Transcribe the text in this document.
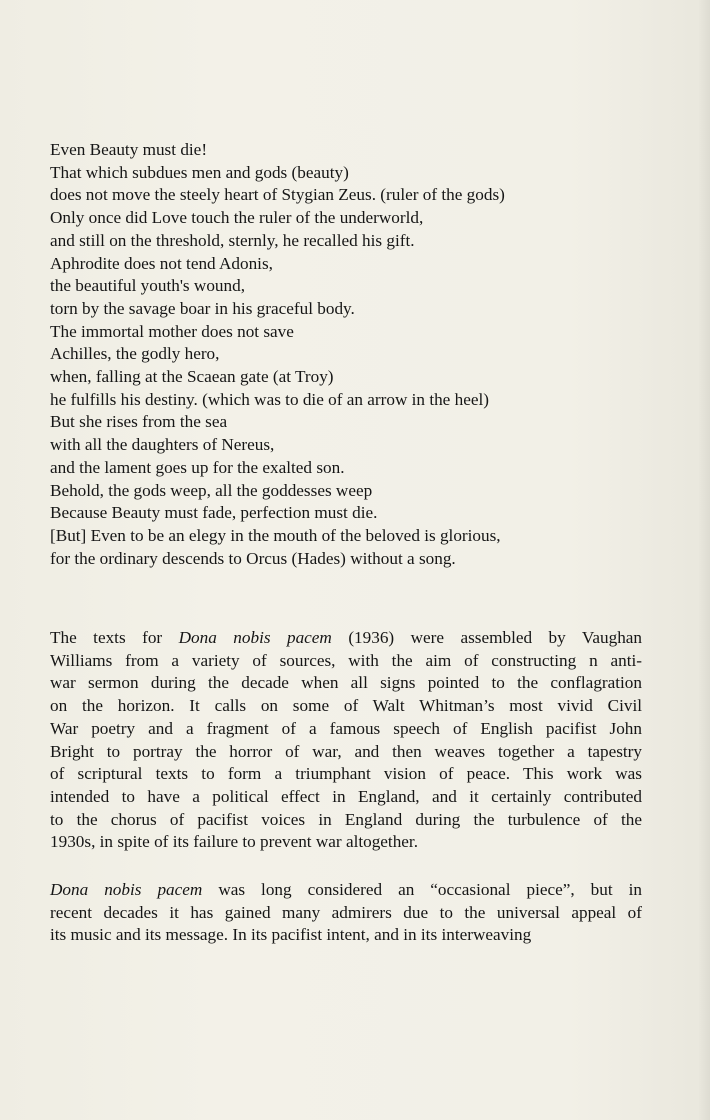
Even Beauty must die!
That which subdues men and gods (beauty)
does not move the steely heart of Stygian Zeus. (ruler of the gods)
Only once did Love touch the ruler of the underworld,
and still on the threshold, sternly, he recalled his gift.
Aphrodite does not tend Adonis,
the beautiful youth's wound,
torn by the savage boar in his graceful body.
The immortal mother does not save
Achilles, the godly hero,
when, falling at the Scaean gate (at Troy)
he fulfills his destiny. (which was to die of an arrow in the heel)
But she rises from the sea
with all the daughters of Nereus,
and the lament goes up for the exalted son.
Behold, the gods weep, all the goddesses weep
Because Beauty must fade, perfection must die.
[But] Even to be an elegy in the mouth of the beloved is glorious,
for the ordinary descends to Orcus (Hades) without a song.
The texts for Dona nobis pacem (1936) were assembled by Vaughan
Williams from a variety of sources, with the aim of constructing n anti-
war sermon during the decade when all signs pointed to the conflagration
on the horizon. It calls on some of Walt Whitman’s most vivid Civil
War poetry and a fragment of a famous speech of English pacifist John
Bright to portray the horror of war, and then weaves together a tapestry
of scriptural texts to form a triumphant vision of peace. This work was
intended to have a political effect in England, and it certainly contributed
to the chorus of pacifist voices in England during the turbulence of the
1930s, in spite of its failure to prevent war altogether.
Dona nobis pacem was long considered an “occasional piece”, but in
recent decades it has gained many admirers due to the universal appeal of
its music and its message. In its pacifist intent, and in its interweaving
